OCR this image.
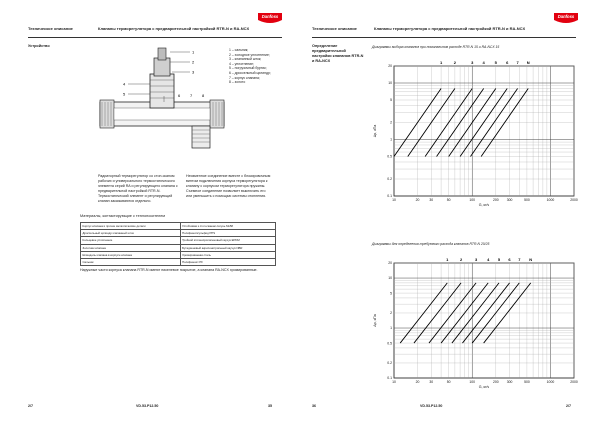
Техническое описание	Клапаны терморегулятора с предварительной настройкой RTR-N и RA-NCX
Danfoss
Устройство
1
2
3
4
5	6 7 8
1 – сальник;
2 – холодное уплотнение;
3 – клапанный шток;
4 – уплотнение;
5 – погрузочный буртик;
6 – дроссельный цилиндр;
7 – корпус клапана;
8 – золото
Радиаторный терморегулятор со стоп-сканом рабочих и универсального термостатического элемента серий RA и регулирующего клапана с предварительной настройкой RTR-N. Термостатический элемент и регулирующий клапан заказываются отдельно.
Неизменное соединение вместе с блокировочным винтом подключения корпуса терморегулятора к клапану с корпусом терморегулятора пружины. Съемное соединение позволяет выключить его или уменьшить с помощью системы отопления.
Материалы, контактирующие с теплоносителем
Корпус клапана и прочие металлические детали	Устойчивая к стоп-сканам латунь Ms58
Дроссельный цилиндр клапанный шток	Полифенилсульфид PPS
Кольцевое уплотнение	Тройной этиленпропиленовый каучук EPDM
Золотник клапана	Бутадиеновый акрилонитрильный каучук NBR
Шпиндель клапана в корпусе клапана	Хромированная сталь
Сальник	Полифеннит PF
Наружные части корпуса клапана RTR-N имеют никелевое покрытие, а клапана RA-NCX хромированные.
2/7	VD.53.P12.50	35
Техническое описание	Клапаны терморегулятора с предварительной настройкой RTR-N и RA-NCX
Danfoss
Определение предварительной настройки клапанов RTR-N и RA-NCX
Диаграммы выбора клапанов при номинальном расходе RTR-N 15 и RA-NCX 15
10	20	30	50	100	200 300	500	1000	2000
0.1
0.2
0.5
1
2
5
10
20
G, кг/ч
Δp, кПа
1	2	3 4 5 6 7 N
Диаграммы для определения требуемого расхода клапанов RTR-N 20/25
10	20	30	50	100	200 300	500	1000	2000
0.1
0.2
0.5
1
2
5
10
20
G, кг/ч
Δp, кПа
1	2	3 4 5 6 7 N
36	VD.53.P12.50	2/7
